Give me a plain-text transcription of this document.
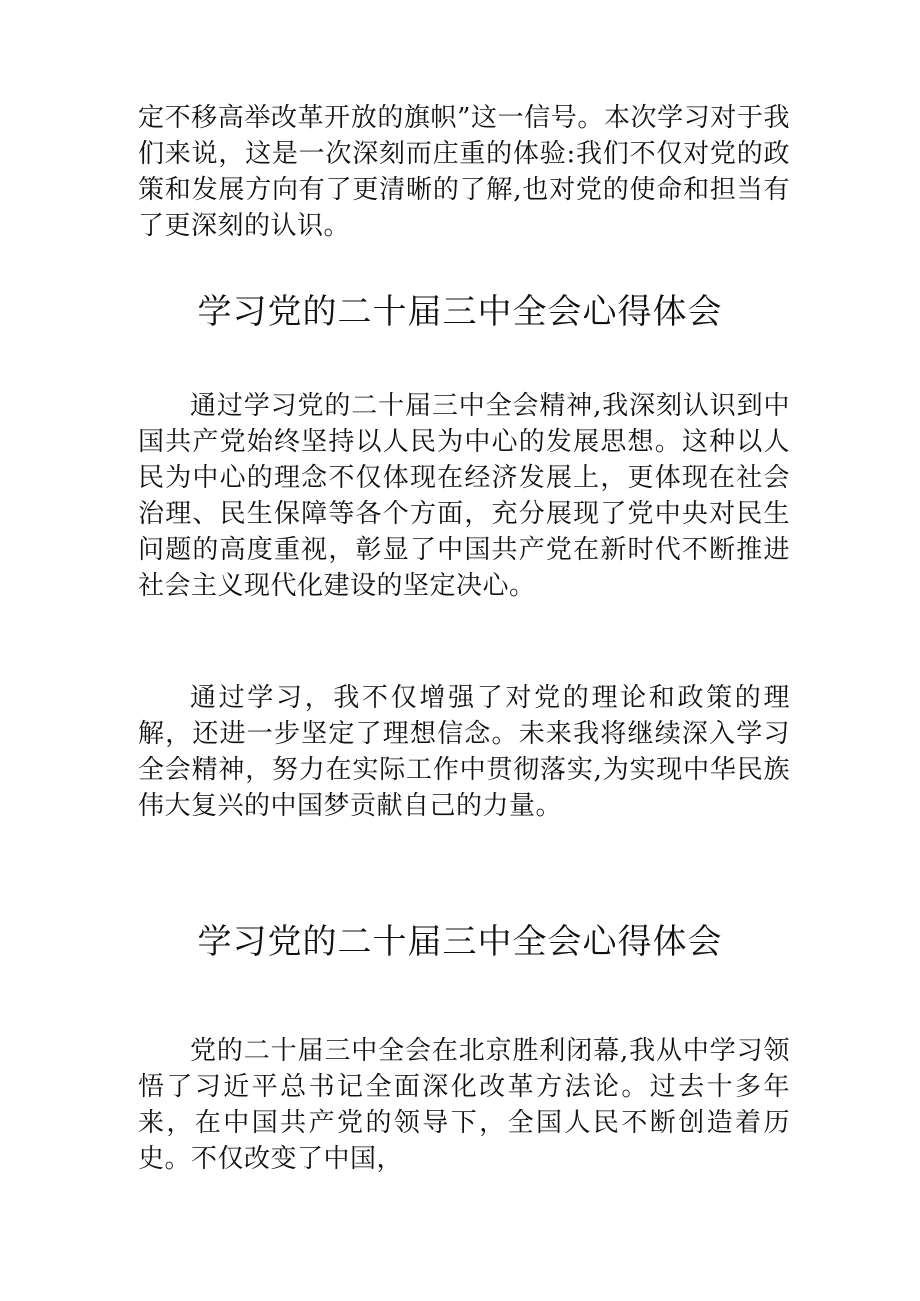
定不移高举改革开放的旗帜”这一信号。本次学习对于我们来说，这是一次深刻而庄重的体验:我们不仅对党的政策和发展方向有了更清晰的了解,也对党的使命和担当有了更深刻的认识。

学习党的二十届三中全会心得体会

通过学习党的二十届三中全会精神,我深刻认识到中国共产党始终坚持以人民为中心的发展思想。这种以人民为中心的理念不仅体现在经济发展上，更体现在社会治理、民生保障等各个方面，充分展现了党中央对民生问题的高度重视，彰显了中国共产党在新时代不断推进社会主义现代化建设的坚定决心。

通过学习，我不仅增强了对党的理论和政策的理解，还进一步坚定了理想信念。未来我将继续深入学习全会精神，努力在实际工作中贯彻落实,为实现中华民族伟大复兴的中国梦贡献自己的力量。

学习党的二十届三中全会心得体会

党的二十届三中全会在北京胜利闭幕,我从中学习领悟了习近平总书记全面深化改革方法论。过去十多年来，在中国共产党的领导下，全国人民不断创造着历史。不仅改变了中国，
